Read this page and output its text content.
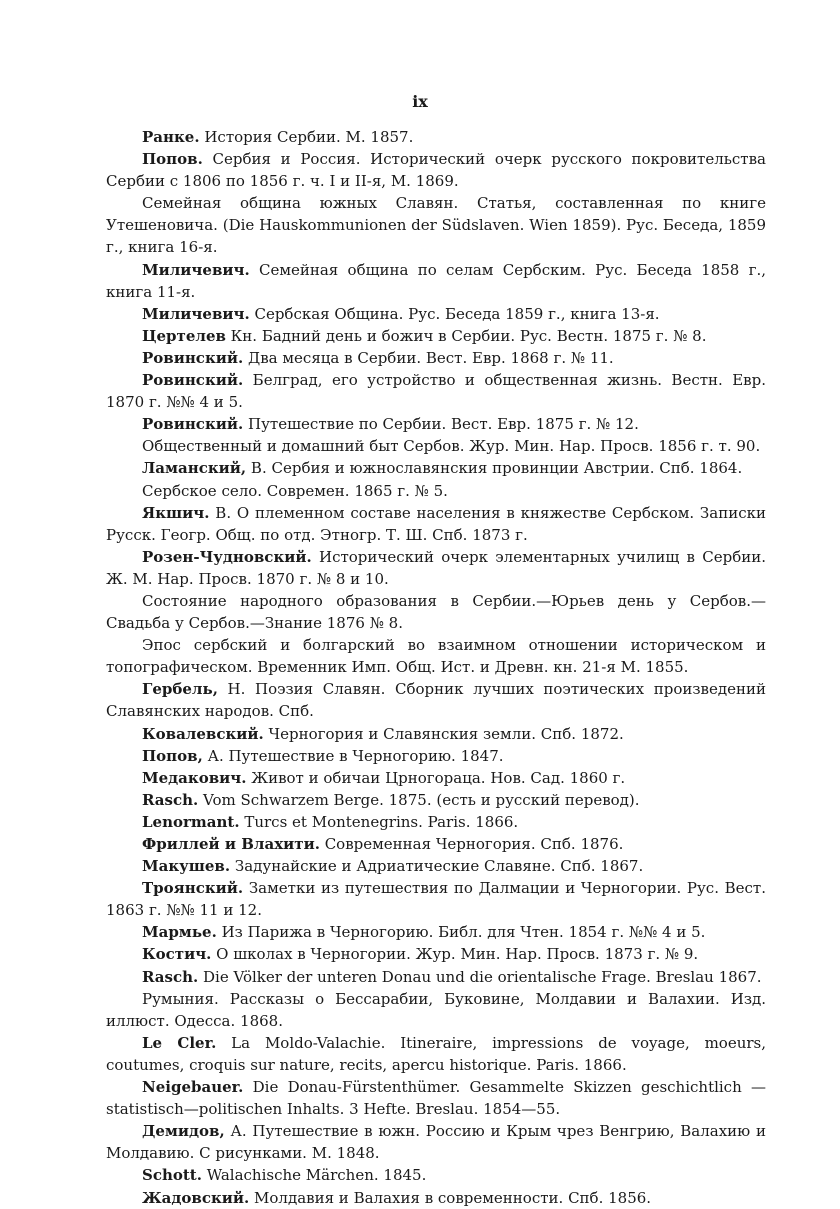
ix

Ранке. История Сербии. М. 1857.

Попов. Сербия и Россия. Исторический очерк русского покровительства Сербии с 1806 по 1856 г. ч. I и II-я, М. 1869.

Семейная община южных Славян. Статья, составленная по книге Утешеновича. (Die Hauskommunionen der Südslaven. Wien 1859). Рус. Беседа, 1859 г., книга 16-я.

Миличевич. Семейная община по селам Сербским. Рус. Беседа 1858 г., книга 11-я.

Миличевич. Сербская Община. Рус. Беседа 1859 г., книга 13-я.

Цертелев Кн. Бадний день и божич в Сербии. Рус. Вестн. 1875 г. № 8.

Ровинский. Два месяца в Сербии. Вест. Евр. 1868 г. № 11.

Ровинский. Белград, его устройство и общественная жизнь. Вестн. Евр. 1870 г. №№ 4 и 5.

Ровинский. Путешествие по Сербии. Вест. Евр. 1875 г. № 12.

Общественный и домашний быт Сербов. Жур. Мин. Нар. Просв. 1856 г. т. 90.

Ламанский, В. Сербия и южнославянския провинции Австрии. Спб. 1864.

Сербское село. Современ. 1865 г. № 5.

Якшич. В. О племенном составе населения в княжестве Сербском. Записки Русск. Геогр. Общ. по отд. Этногр. Т. Ш. Спб. 1873 г.

Розен-Чудновский. Исторический очерк элементарных училищ в Сербии. Ж. М. Нар. Просв. 1870 г. № 8 и 10.

Состояние народного образования в Сербии.—Юрьев день у Сербов.—Свадьба у Сербов.—Знание 1876 № 8.

Эпос сербский и болгарский во взаимном отношении историческом и топографическом. Временник Имп. Общ. Ист. и Древн. кн. 21-я М. 1855.

Гербель, Н. Поэзия Славян. Сборник лучших поэтических произведений Славянских народов. Спб.

Ковалевский. Черногория и Славянския земли. Спб. 1872.

Попов, А. Путешествие в Черногорию. 1847.

Медакович. Живот и обичаи Црногораца. Нов. Сад. 1860 г.

Rasch. Vom Schwarzem Berge. 1875. (есть и русский перевод).

Lenormant. Turcs et Montenegrins. Paris. 1866.

Фриллей и Влахити. Современная Черногория. Спб. 1876.

Макушев. Задунайские и Адриатические Славяне. Спб. 1867.

Троянский. Заметки из путешествия по Далмации и Черногории. Рус. Вест. 1863 г. №№ 11 и 12.

Мармье. Из Парижа в Черногорию. Библ. для Чтен. 1854 г. №№ 4 и 5.

Костич. О школах в Черногории. Жур. Мин. Нар. Просв. 1873 г. № 9.

Rasch. Die Völker der unteren Donau und die orientalische Frage. Breslau 1867.

Румыния. Рассказы о Бессарабии, Буковине, Молдавии и Валахии. Изд. иллюст. Одесса. 1868.

Le Cler. La Moldo-Valachie. Itineraire, impressions de voyage, moeurs, coutumes, croquis sur nature, recits, apercu historique. Paris. 1866.

Neigebauer. Die Donau-Fürstenthümer. Gesammelte Skizzen geschichtlich — statistisch—politischen Inhalts. 3 Hefte. Breslau. 1854—55.

Демидов, А. Путешествие в южн. Россию и Крым чрез Венгрию, Валахию и Молдавию. С рисунками. М. 1848.

Schott. Walachische Märchen. 1845.

Жадовский. Молдавия и Валахия в современности. Спб. 1856.
